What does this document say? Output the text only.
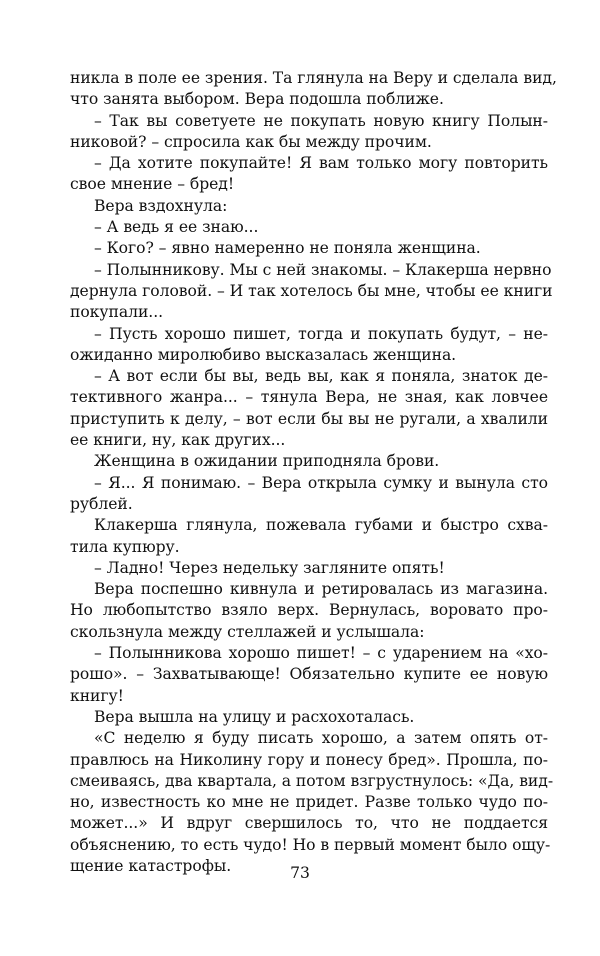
никла в поле ее зрения. Та глянула на Веру и сделала вид,
что занята выбором. Вера подошла поближе.
– Так вы советуете не покупать новую книгу Полын-
никовой? – спросила как бы между прочим.
– Да хотите покупайте! Я вам только могу повторить
свое мнение – бред!
Вера вздохнула:
– А ведь я ее знаю...
– Кого? – явно намеренно не поняла женщина.
– Полынникову. Мы с ней знакомы. – Клакерша нервно
дернула головой. – И так хотелось бы мне, чтобы ее книги
покупали...
– Пусть хорошо пишет, тогда и покупать будут, – не-
ожиданно миролюбиво высказалась женщина.
– А вот если бы вы, ведь вы, как я поняла, знаток де-
тективного жанра... – тянула Вера, не зная, как ловчее
приступить к делу, – вот если бы вы не ругали, а хвалили
ее книги, ну, как других...
Женщина в ожидании приподняла брови.
– Я... Я понимаю. – Вера открыла сумку и вынула сто
рублей.
Клакерша глянула, пожевала губами и быстро схва-
тила купюру.
– Ладно! Через недельку загляните опять!
Вера поспешно кивнула и ретировалась из магазина.
Но любопытство взяло верх. Вернулась, вороватo про-
скользнула между стеллажей и услышала:
– Полынникова хорошо пишет! – с ударением на «хо-
рошо». – Захватывающе! Обязательно купите ее новую
книгу!
Вера вышла на улицу и расхохоталась.
«С неделю я буду писать хорошо, а затем опять от-
правлюсь на Николину гору и понесу бред». Прошла, по-
смеиваясь, два квартала, а потом взгрустнулось: «Да, вид-
но, известность ко мне не придет. Разве только чудо по-
может...» И вдруг свершилось то, что не поддается
объяснению, то есть чудо! Но в первый момент было ощу-
щение катастрофы.	73
